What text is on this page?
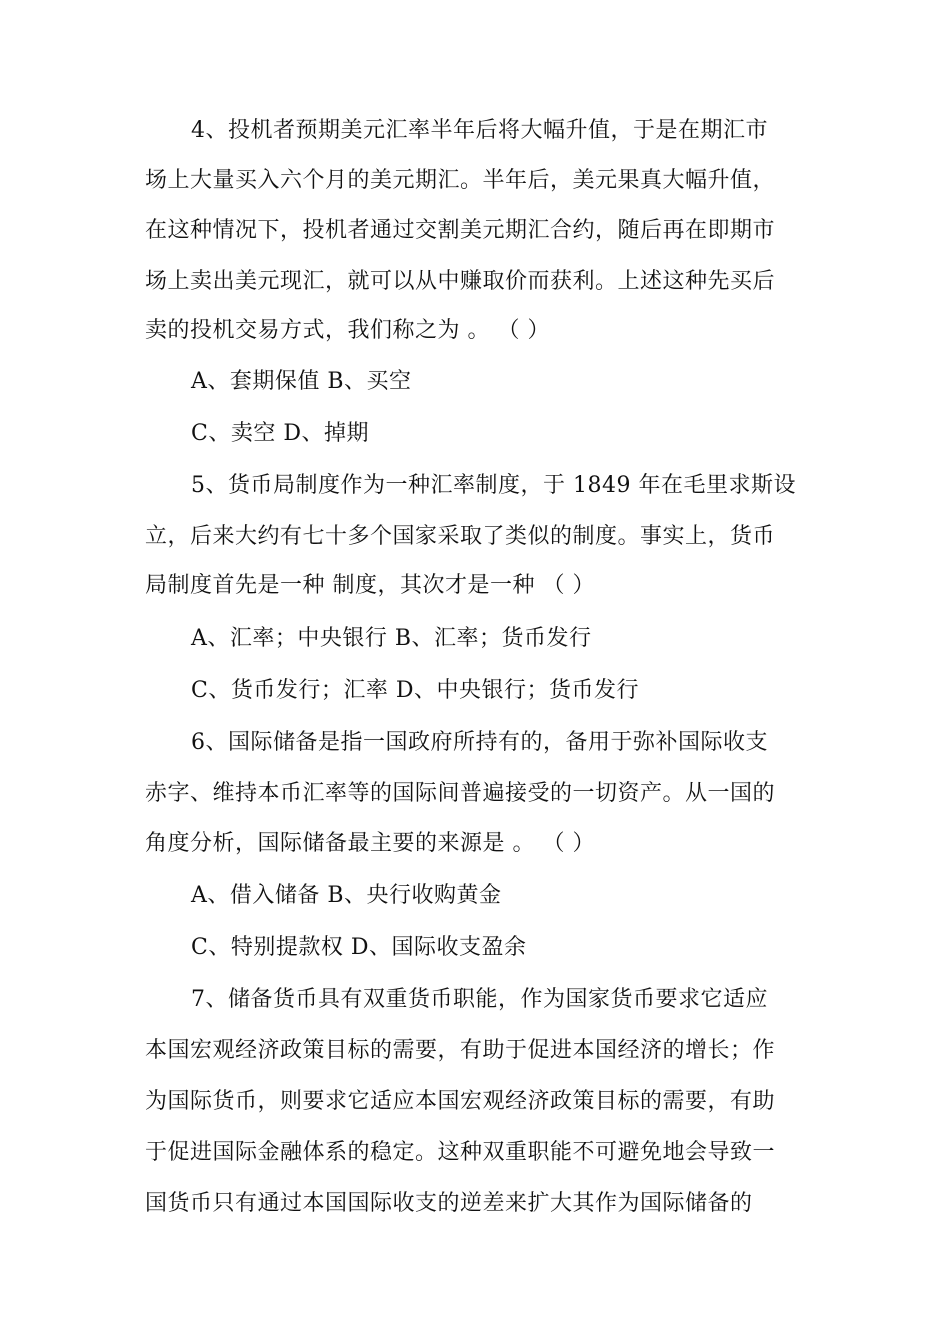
4、投机者预期美元汇率半年后将大幅升值，于是在期汇市
场上大量买入六个月的美元期汇。半年后，美元果真大幅升值，
在这种情况下，投机者通过交割美元期汇合约，随后再在即期市
场上卖出美元现汇，就可以从中赚取价而获利。上述这种先买后
卖的投机交易方式，我们称之为 。 （ ）
A、套期保值 B、买空
C、卖空 D、掉期
5、货币局制度作为一种汇率制度，于 1849 年在毛里求斯设
立，后来大约有七十多个国家采取了类似的制度。事实上，货币
局制度首先是一种 制度，其次才是一种 （ ）
A、汇率；中央银行 B、汇率；货币发行
C、货币发行；汇率 D、中央银行；货币发行
6、国际储备是指一国政府所持有的，备用于弥补国际收支
赤字、维持本币汇率等的国际间普遍接受的一切资产。从一国的
角度分析，国际储备最主要的来源是 。 （ ）
A、借入储备 B、央行收购黄金
C、特别提款权 D、国际收支盈余
7、储备货币具有双重货币职能，作为国家货币要求它适应
本国宏观经济政策目标的需要，有助于促进本国经济的增长；作
为国际货币，则要求它适应本国宏观经济政策目标的需要，有助
于促进国际金融体系的稳定。这种双重职能不可避免地会导致一
国货币只有通过本国国际收支的逆差来扩大其作为国际储备的
